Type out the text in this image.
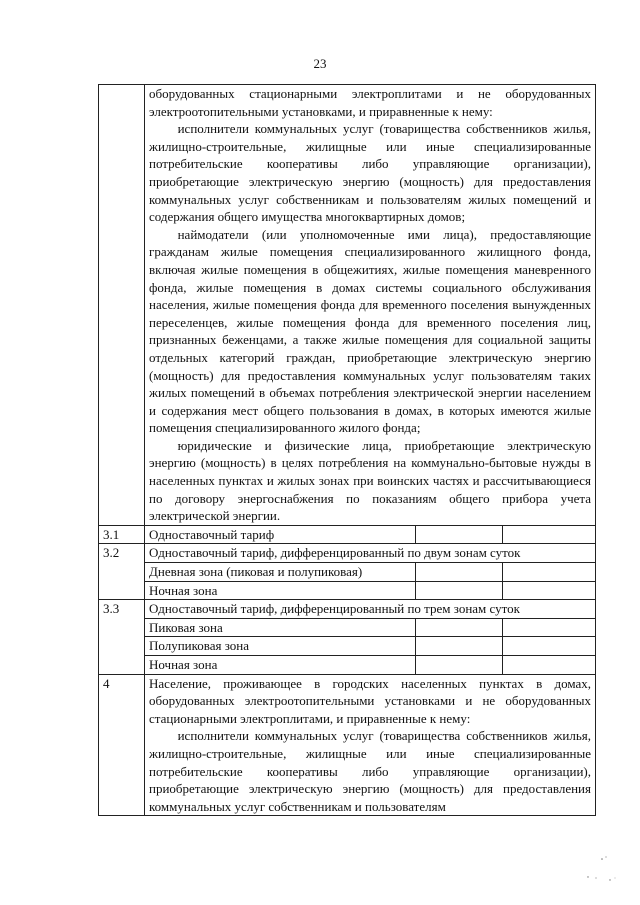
23

	оборудованных стационарными электроплитами и не оборудованных электроотопительными установками, и приравненные к нему:

исполнители коммунальных услуг (товарищества собственников жилья, жилищно-строительные, жилищные или иные специализированные потребительские кооперативы либо управляющие организации), приобретающие электрическую энергию (мощность) для предоставления коммунальных услуг собственникам и пользователям жилых помещений и содержания общего имущества многоквартирных домов;

наймодатели (или уполномоченные ими лица), предоставляющие гражданам жилые помещения специализированного жилищного фонда, включая жилые помещения в общежитиях, жилые помещения маневренного фонда, жилые помещения в домах системы социального обслуживания населения, жилые помещения фонда для временного поселения вынужденных переселенцев, жилые помещения фонда для временного поселения лиц, признанных беженцами, а также жилые помещения для социальной защиты отдельных категорий граждан, приобретающие электрическую энергию (мощность) для предоставления коммунальных услуг пользователям таких жилых помещений в объемах потребления электрической энергии населением и содержания мест общего пользования в домах, в которых имеются жилые помещения специализированного жилого фонда;

юридические и физические лица, приобретающие электрическую энергию (мощность) в целях потребления на коммунально-бытовые нужды в населенных пунктах и жилых зонах при воинских частях и рассчитывающиеся по договору энергоснабжения по показаниям общего прибора учета электрической энергии.		

3.1	Одноставочный тариф		
3.2	Одноставочный тариф, дифференцированный по двум зонам суток		
	Дневная зона (пиковая и полупиковая)		
	Ночная зона		
3.3	Одноставочный тариф, дифференцированный по трем зонам суток		
	Пиковая зона		
	Полупиковая зона		
	Ночная зона		
4	Население, проживающее в городских населенных пунктах в домах, оборудованных электроотопительными установками и не оборудованных стационарными электроплитами, и приравненные к нему:

исполнители коммунальных услуг (товарищества собственников жилья, жилищно-строительные, жилищные или иные специализированные потребительские кооперативы либо управляющие организации), приобретающие электрическую энергию (мощность) для предоставления коммунальных услуг собственникам и пользователям		
